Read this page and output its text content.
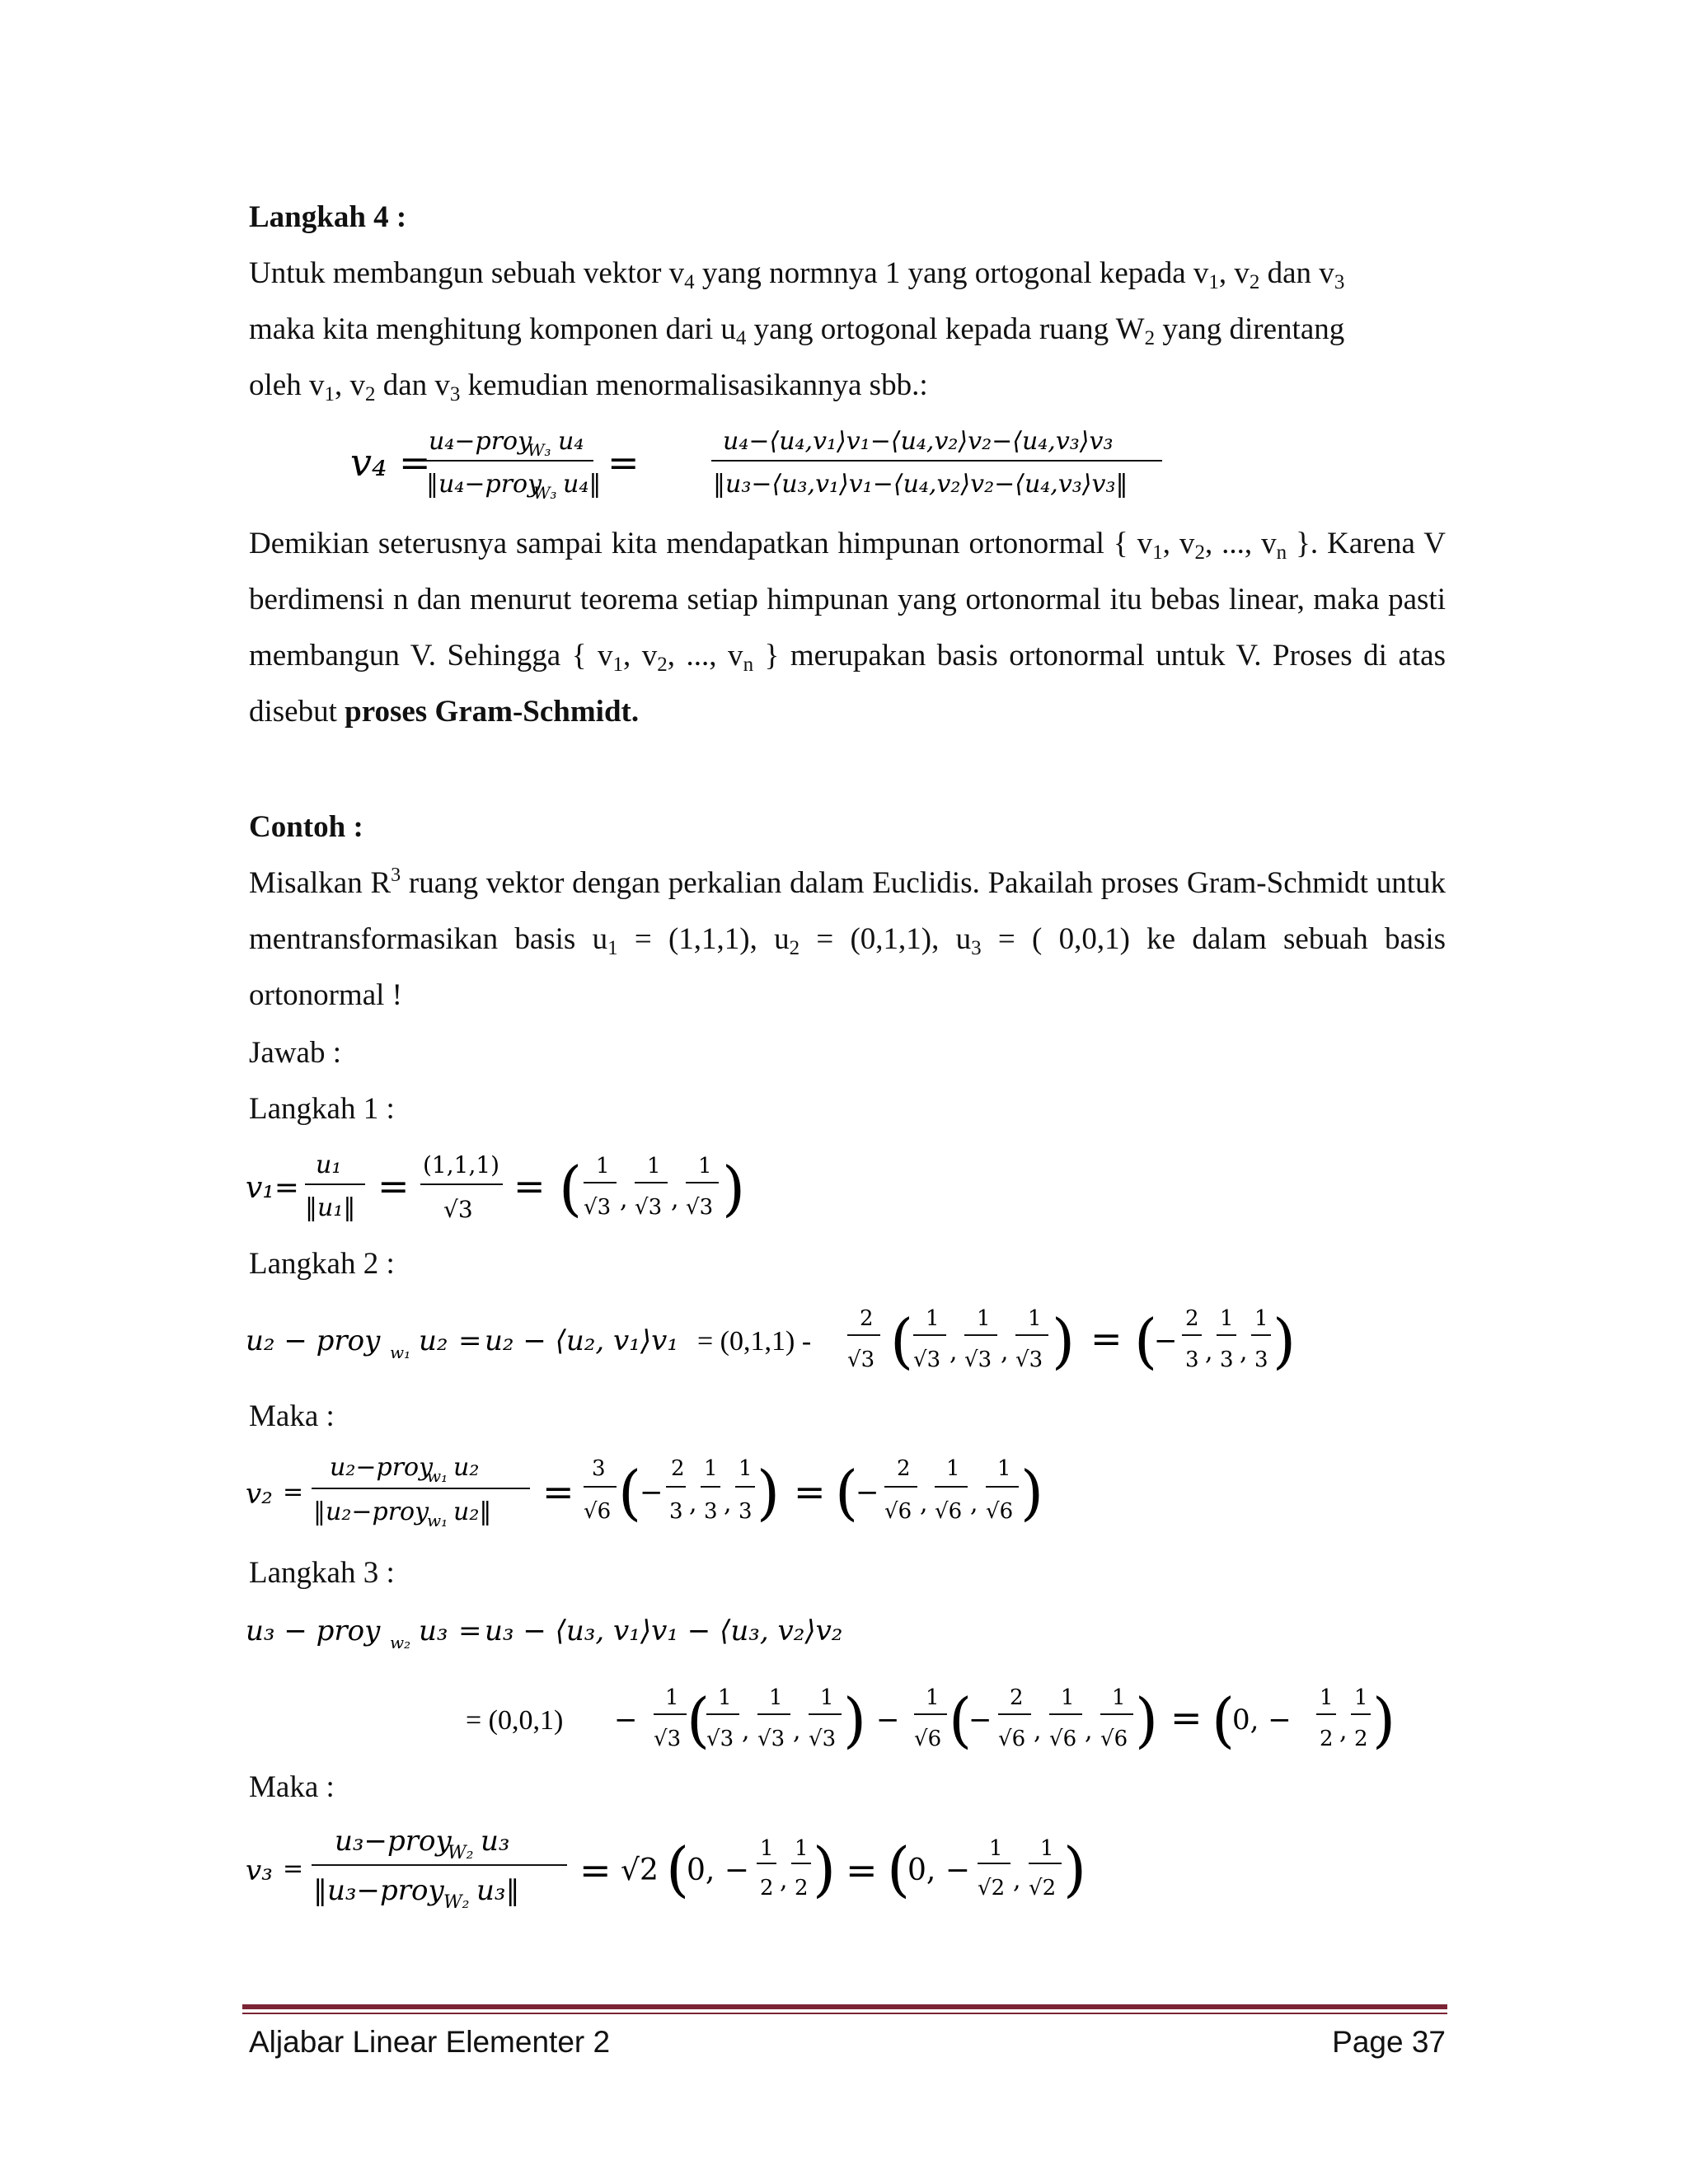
Langkah 4 :
Untuk membangun sebuah vektor $v_4$ yang normnya 1 yang ortogonal kepada $v_1$, $v_2$ dan $v_3$
maka kita menghitung komponen dari $u_4$ yang ortogonal kepada ruang $W_2$ yang direntang
oleh $v_1$, $v_2$ dan $v_3$ kemudian menormalisasikannya sbb.:
v₄ =
u₄−proy
W₃ u₄
‖u₄−proy
W₃ u₄‖ =	u₄−⟨u₄,v₁⟩v₁−⟨u₄,v₂⟩v₂−⟨u₄,v₃⟩v₃
‖u₃−⟨u₃,v₁⟩v₁−⟨u₄,v₂⟩v₂−⟨u₄,v₃⟩v₃‖
Demikian seterusnya sampai kita mendapatkan himpunan ortonormal { $v_1$, $v_2$, ..., $v_n$ }. Karena V berdimensi n dan menurut teorema setiap himpunan yang ortonormal itu bebas linear, maka pasti membangun V. Sehingga { $v_1$, $v_2$, ..., $v_n$ } merupakan basis ortonormal untuk V. Proses di atas disebut proses Gram-Schmidt.
Contoh :
Misalkan $R^3$ ruang vektor dengan perkalian dalam Euclidis. Pakailah proses Gram-Schmidt untuk mentransformasikan basis $u_1 = (1,1,1)$, $u_2 = (0,1,1)$, $u_3$ = ( 0,0,1) ke dalam sebuah basis ortonormal !
Jawab :
Langkah 1 :
v₁=
u₁
‖u₁‖ = (1,1,1)
√3
= ( 1
√3 ,
1
√3 ,
1
√3 )
Langkah 2 :
u₂ − proy w₁ u₂ = u₂ − ⟨u₂, v₁⟩v₁ = (0,1,1) -
2
√3 ( 1
√3 ,
1
√3 ,
1
√3 ) = (
−
2
3 ,
1
3 ,
1
3 )
Maka :
v₂ =
u₂−proy
w₁ u₂
‖u₂−proy
w₁ u₂‖ =
3
√6 (
−
2
3 ,
1
3 ,
1
3 ) = (
−
2
√6 ,
1
√6 ,
1
√6 )
Langkah 3 :
u₃ − proy w₂ u₃ = u₃ − ⟨u₃, v₁⟩v₁ − ⟨u₃, v₂⟩v₂
= (0,0,1) −
1
√3 ( 1
√3 ,
1
√3 ,
1
√3 ) −
1
√6 (
−
2
√6 ,
1
√6 ,
1
√6 ) = (
0, −
1
2 ,
1
2 )
Maka :
v₃ =
u₃−proy
W₂ u₃
‖u₃−proy W₂ u₃‖ = √2 (
0, −
1
2 ,
1
2 ) = (
0, −
1
√2 ,
1
√2 )
Aljabar Linear Elementer 2	Page 37
